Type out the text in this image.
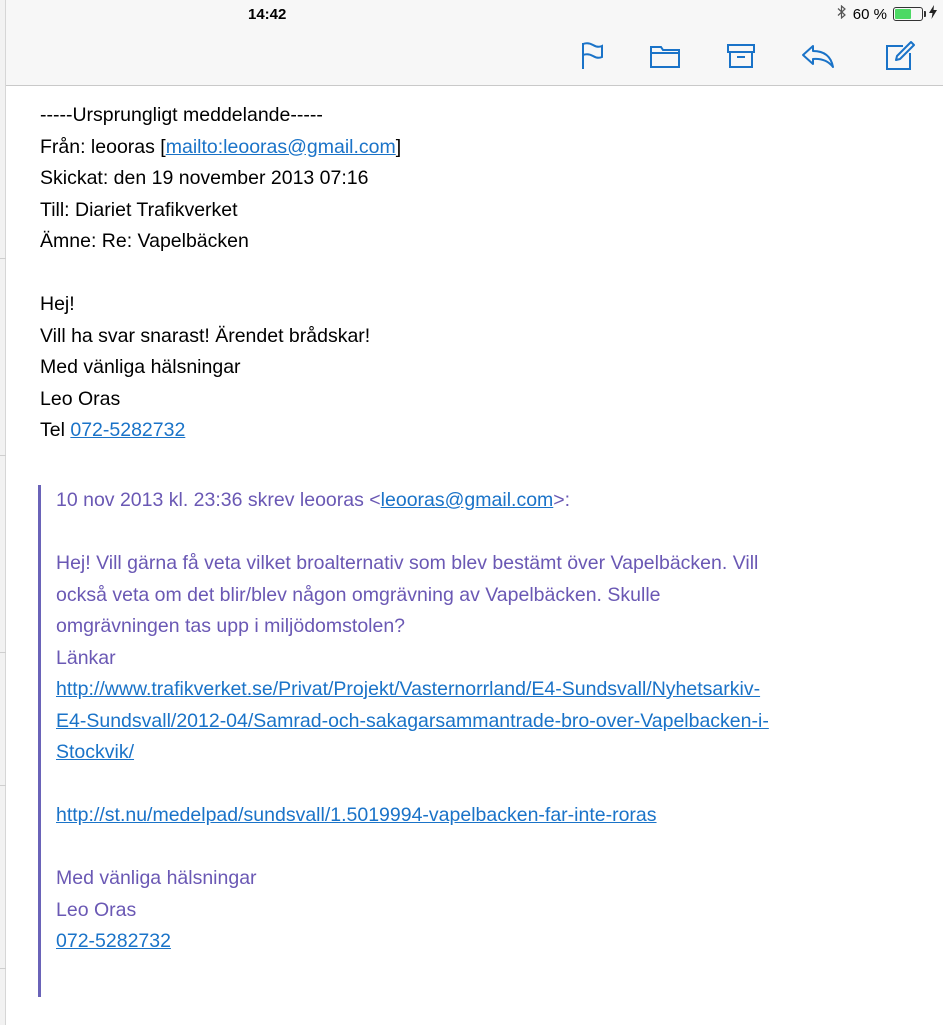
14:42	60 %
-----Ursprungligt meddelande-----
Från: leooras [mailto:leooras@gmail.com]
Skickat: den 19 november 2013 07:16
Till: Diariet Trafikverket
Ämne: Re: Vapelbäcken
Hej!
Vill ha svar snarast! Ärendet brådskar!
Med vänliga hälsningar
Leo Oras
Tel 072-5282732
10 nov 2013 kl. 23:36 skrev leooras <leooras@gmail.com>:
Hej! Vill gärna få veta vilket broalternativ som blev bestämt över Vapelbäcken. Vill
också veta om det blir/blev någon omgrävning av Vapelbäcken. Skulle
omgrävningen tas upp i miljödomstolen?
Länkar
http://www.trafikverket.se/Privat/Projekt/Vasternorrland/E4-Sundsvall/Nyhetsarkiv-
E4-Sundsvall/2012-04/Samrad-och-sakagarsammantrade-bro-over-Vapelbacken-i-
Stockvik/
http://st.nu/medelpad/sundsvall/1.5019994-vapelbacken-far-inte-roras
Med vänliga hälsningar
Leo Oras
072-5282732
